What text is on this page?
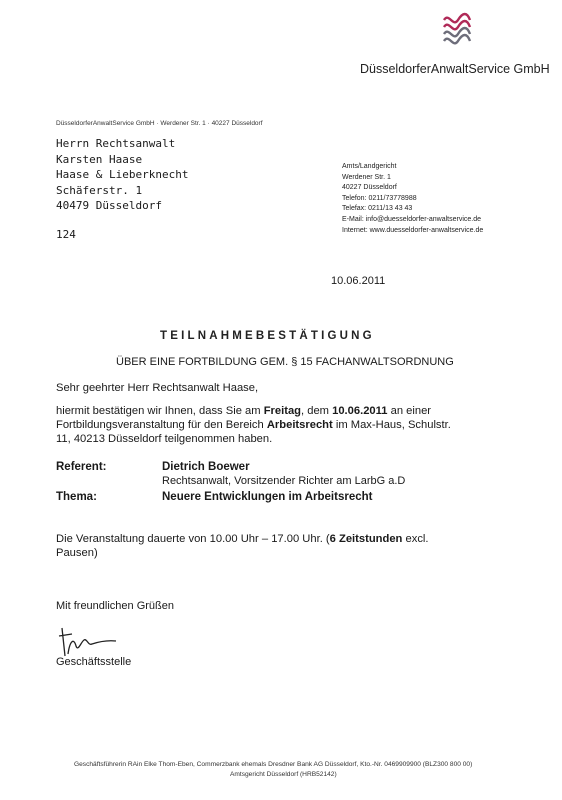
DüsseldorferAnwaltService GmbH
DüsseldorferAnwaltService GmbH · Werdener Str. 1 · 40227 Düsseldorf
Herrn Rechtsanwalt
Karsten Haase
Haase & Lieberknecht
Schäferstr. 1
40479 Düsseldorf
Amts/Landgericht
Werdener Str. 1
40227 Düsseldorf
Telefon: 0211/73778988
Telefax: 0211/13 43 43
E-Mail: info@duesseldorfer-anwaltservice.de
Internet: www.duesseldorfer-anwaltservice.de
124
10.06.2011
TEILNAHMEBESTÄTIGUNG
ÜBER EINE FORTBILDUNG GEM. § 15 FACHANWALTSORDNUNG
Sehr geehrter Herr Rechtsanwalt Haase,
hiermit bestätigen wir Ihnen, dass Sie am Freitag, dem 10.06.2011 an einer
Fortbildungsveranstaltung für den Bereich Arbeitsrecht im Max-Haus, Schulstr.
11, 40213 Düsseldorf teilgenommen haben.
Referent:	Dietrich Boewer
Rechtsanwalt, Vorsitzender Richter am LarbG a.D
Thema:	Neuere Entwicklungen im Arbeitsrecht
Die Veranstaltung dauerte von 10.00 Uhr – 17.00 Uhr. (6 Zeitstunden excl.
Pausen)
Mit freundlichen Grüßen
Geschäftsstelle
Geschäftsführerin RAin Elke Thom-Eben, Commerzbank ehemals Dresdner Bank AG Düsseldorf, Kto.-Nr. 0469909900 (BLZ300 800 00)
Amtsgericht Düsseldorf (HRB52142)
